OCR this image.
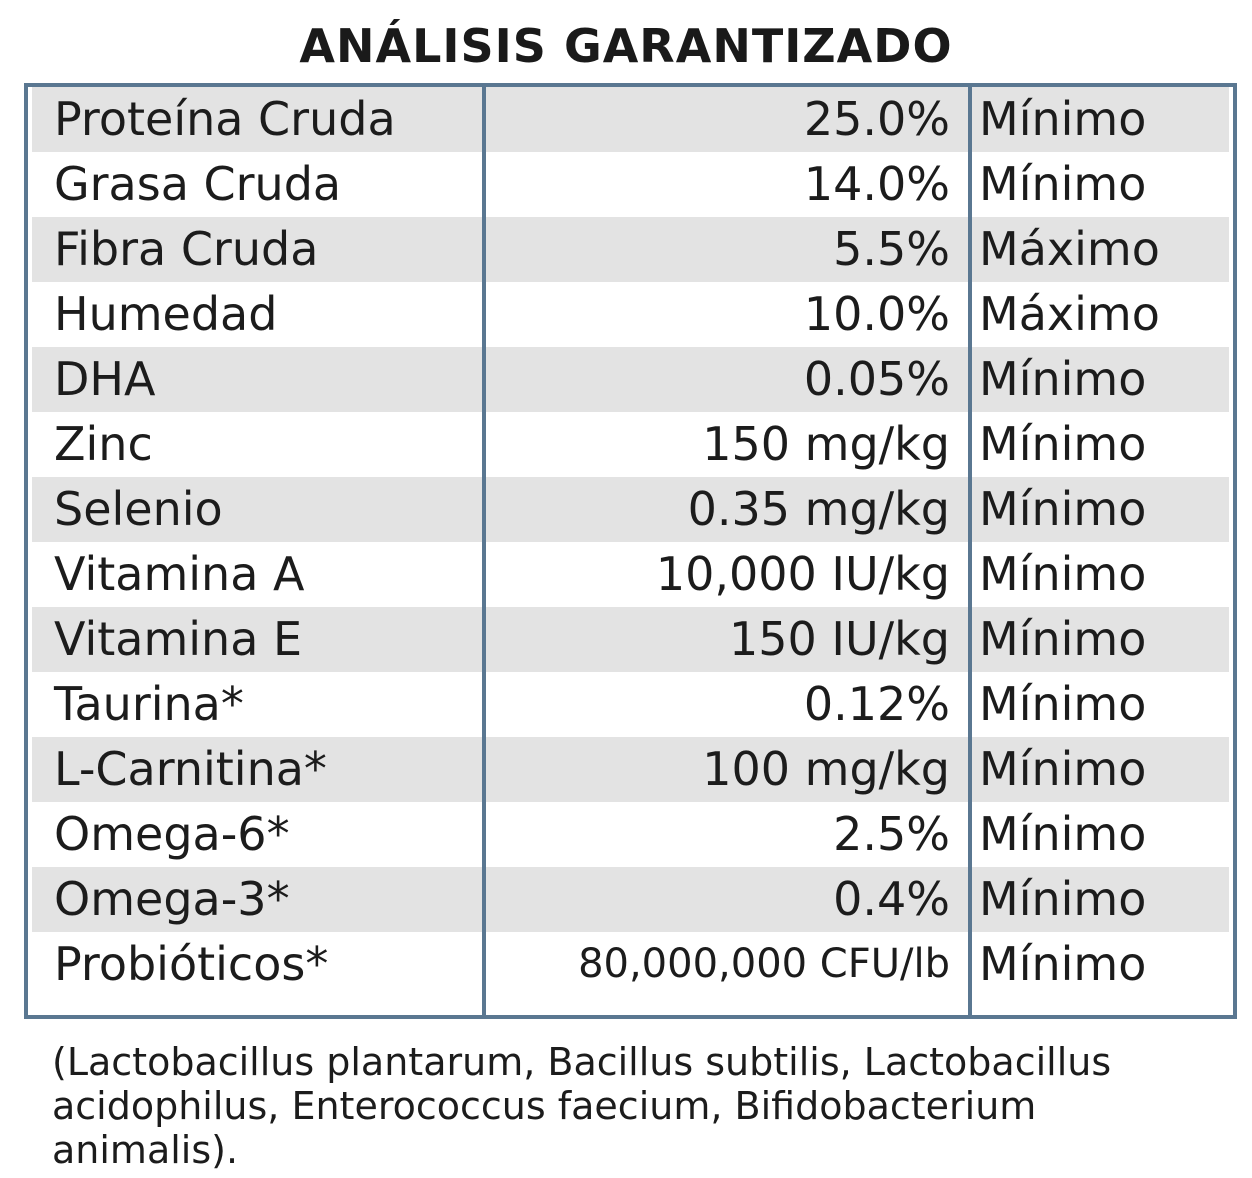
ANÁLISIS GARANTIZADO
Proteína Cruda	25.0% Mínimo
Grasa Cruda	14.0% Mínimo
Fibra Cruda	5.5% Máximo
Humedad	10.0% Máximo
DHA	0.05% Mínimo
Zinc	150 mg/kg Mínimo
Selenio	0.35 mg/kg Mínimo
Vitamina A	10,000 IU/kg Mínimo
Vitamina E	150 IU/kg Mínimo
Taurina*	0.12% Mínimo
L-Carnitina*	100 mg/kg Mínimo
Omega-6*	2.5% Mínimo
Omega-3*	0.4% Mínimo
Probióticos*	80,000,000 CFU/lb Mínimo
(Lactobacillus plantarum, Bacillus subtilis, Lactobacillus acidophilus, Enterococcus faecium, Bifidobacterium animalis).
